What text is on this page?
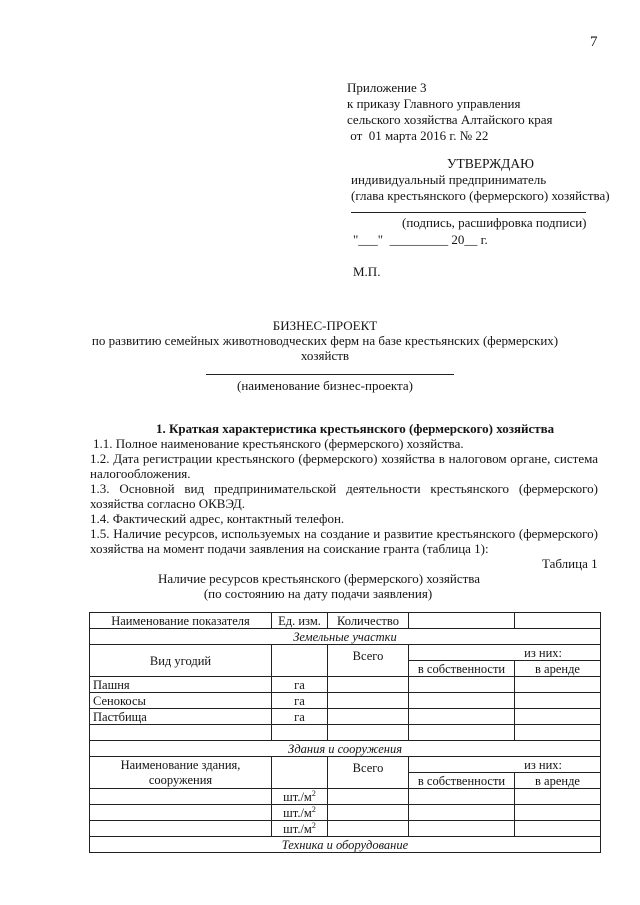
7
Приложение 3
к приказу Главного управления
сельского хозяйства Алтайского края
от  01 марта 2016 г. № 22
УТВЕРЖДАЮ
индивидуальный предприниматель
(глава крестьянского (фермерского) хозяйства)
(подпись, расшифровка подписи)
"___"  _________ 20__ г.
М.П.
БИЗНЕС-ПРОЕКТ
по развитию семейных животноводческих ферм на базе крестьянских (фермерских)
хозяйств
(наименование бизнес-проекта)
1. Краткая характеристика крестьянского (фермерского) хозяйства
1.1. Полное наименование крестьянского (фермерского) хозяйства.
1.2. Дата регистрации крестьянского (фермерского) хозяйства в налоговом органе, система налогообложения.
1.3. Основной вид предпринимательской деятельности крестьянского (фермерского) хозяйства согласно ОКВЭД.
1.4. Фактический адрес, контактный телефон.
1.5. Наличие ресурсов, используемых на создание и развитие крестьянского (фермерского) хозяйства на момент подачи заявления на соискание гранта (таблица 1):
Таблица 1
Наличие ресурсов крестьянского (фермерского) хозяйства
(по состоянию на дату подачи заявления)
Наименование показателя	Ед. изм.	Количество		
Земельные участки				
Вид угодий		Всего	из них:	
			в собственности	в аренде
Пашня	га			
Сенокосы	га			
Пастбища	га			

Здания и сооружения				
Наименование здания,
сооружения		Всего	из них:	
			в собственности	в аренде
	$шт./м^2$			
	$шт./м^2$			
	$шт./м^2$			
Техника и оборудование				
